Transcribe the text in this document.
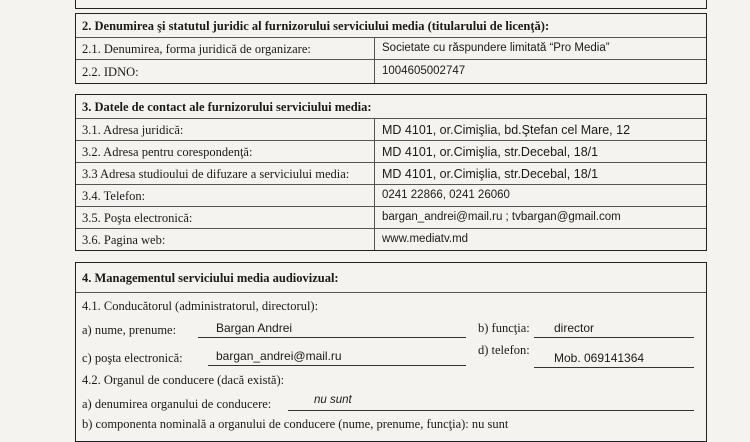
2. Denumirea şi statutul juridic al furnizorului serviciului media (titularului de licenţă):
2.1. Denumirea, forma juridică de organizare:	Societate cu răspundere limitată “Pro Media”
2.2. IDNO:	1004605002747
3. Datele de contact ale furnizorului serviciului media:
3.1. Adresa juridică:	MD 4101, or.Cimişlia, bd.Ştefan cel Mare, 12
3.2. Adresa pentru corespondenţă:	MD 4101, or.Cimişlia, str.Decebal, 18/1
3.3 Adresa studioului de difuzare a serviciului media:	MD 4101, or.Cimişlia, str.Decebal, 18/1
3.4. Telefon:	0241 22866, 0241 26060
3.5. Poşta electronică:	bargan_andrei@mail.ru ; tvbargan@gmail.com
3.6. Pagina web:	www.mediatv.md
4. Managementul serviciului media audiovizual:
4.1. Conducătorul (administratorul, directorul):
a) nume, prenume:	Bargan Andrei	b) funcţia: director
c) poşta electronică:	bargan_andrei@mail.ru	d) telefon:
Mob. 069141364
4.2. Organul de conducere (dacă există):
a) denumirea organului de conducere:	nu sunt
b) componenta nominală a organului de conducere (nume, prenume, funcţia): nu sunt
